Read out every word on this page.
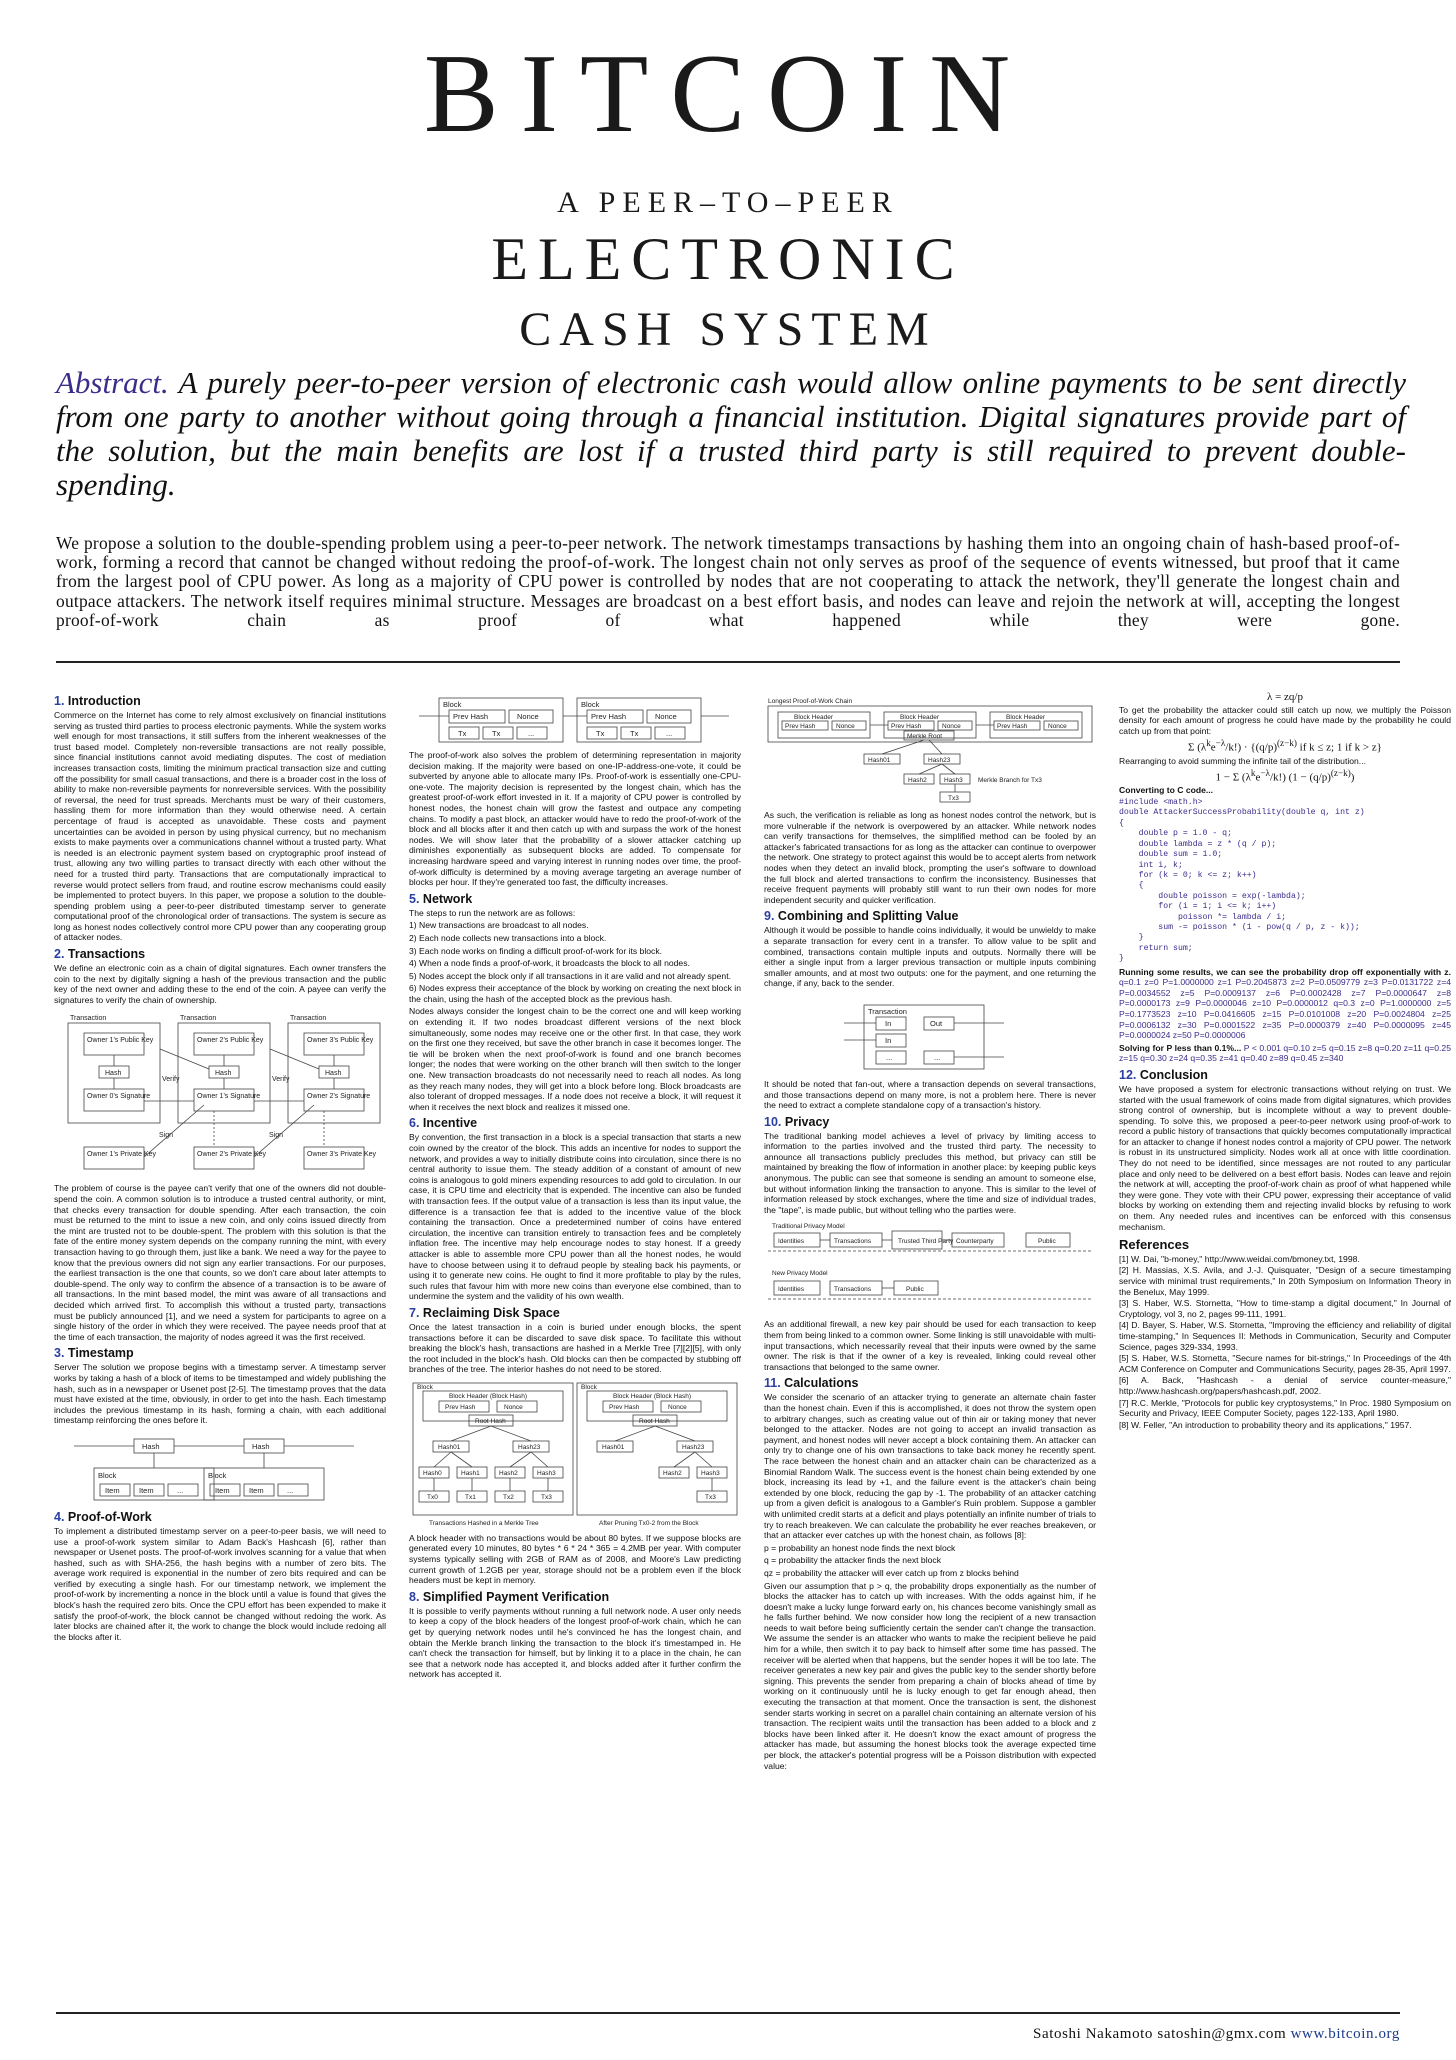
BITCOIN
A PEER–TO–PEER
ELECTRONIC
CASH SYSTEM
Abstract. A purely peer-to-peer version of electronic cash would allow online payments to be sent directly from one party to another without going through a financial institution. Digital signatures provide part of the solution, but the main benefits are lost if a trusted third party is still required to prevent double-spending.
We propose a solution to the double-spending problem using a peer-to-peer network. The network timestamps transactions by hashing them into an ongoing chain of hash-based proof-of-work, forming a record that cannot be changed without redoing the proof-of-work. The longest chain not only serves as proof of the sequence of events witnessed, but proof that it came from the largest pool of CPU power. As long as a majority of CPU power is controlled by nodes that are not cooperating to attack the network, they'll generate the longest chain and outpace attackers. The network itself requires minimal structure. Messages are broadcast on a best effort basis, and nodes can leave and rejoin the network at will, accepting the longest proof-of-work chain as proof of what happened while they were gone.
1. Introduction

Commerce on the Internet has come to rely almost exclusively on financial institutions serving as trusted third parties to process electronic payments. While the system works well enough for most transactions, it still suffers from the inherent weaknesses of the trust based model. Completely non-reversible transactions are not really possible, since financial institutions cannot avoid mediating disputes. The cost of mediation increases transaction costs, limiting the minimum practical transaction size and cutting off the possibility for small casual transactions, and there is a broader cost in the loss of ability to make non-reversible payments for nonreversible services. With the possibility of reversal, the need for trust spreads. Merchants must be wary of their customers, hassling them for more information than they would otherwise need. A certain percentage of fraud is accepted as unavoidable. These costs and payment uncertainties can be avoided in person by using physical currency, but no mechanism exists to make payments over a communications channel without a trusted party. What is needed is an electronic payment system based on cryptographic proof instead of trust, allowing any two willing parties to transact directly with each other without the need for a trusted third party. Transactions that are computationally impractical to reverse would protect sellers from fraud, and routine escrow mechanisms could easily be implemented to protect buyers. In this paper, we propose a solution to the double-spending problem using a peer-to-peer distributed timestamp server to generate computational proof of the chronological order of transactions. The system is secure as long as honest nodes collectively control more CPU power than any cooperating group of attacker nodes.

2. Transactions

We define an electronic coin as a chain of digital signatures. Each owner transfers the coin to the next by digitally signing a hash of the previous transaction and the public key of the next owner and adding these to the end of the coin. A payee can verify the signatures to verify the chain of ownership.

Transaction	Transaction	Transaction
Owner 1's Public Key	Owner 2's Public Key	Owner 3's Public Key
Hash	Hash	Hash
Owner 0's Signature	Owner 1's Signature	Owner 2's Signature
Owner 1's Private Key	Owner 2's Private Key	Owner 3's Private Key
Verify	Verify
Sign	Sign

The problem of course is the payee can't verify that one of the owners did not double-spend the coin. A common solution is to introduce a trusted central authority, or mint, that checks every transaction for double spending. After each transaction, the coin must be returned to the mint to issue a new coin, and only coins issued directly from the mint are trusted not to be double-spent. The problem with this solution is that the fate of the entire money system depends on the company running the mint, with every transaction having to go through them, just like a bank. We need a way for the payee to know that the previous owners did not sign any earlier transactions. For our purposes, the earliest transaction is the one that counts, so we don't care about later attempts to double-spend. The only way to confirm the absence of a transaction is to be aware of all transactions. In the mint based model, the mint was aware of all transactions and decided which arrived first. To accomplish this without a trusted party, transactions must be publicly announced [1], and we need a system for participants to agree on a single history of the order in which they were received. The payee needs proof that at the time of each transaction, the majority of nodes agreed it was the first received.

3. Timestamp

Server The solution we propose begins with a timestamp server. A timestamp server works by taking a hash of a block of items to be timestamped and widely publishing the hash, such as in a newspaper or Usenet post [2-5]. The timestamp proves that the data must have existed at the time, obviously, in order to get into the hash. Each timestamp includes the previous timestamp in its hash, forming a chain, with each additional timestamp reinforcing the ones before it.

Hash	Hash
Block	Block
Item	Item	...	Item	Item	...
4. Proof-of-Work

To implement a distributed timestamp server on a peer-to-peer basis, we will need to use a proof-of-work system similar to Adam Back's Hashcash [6], rather than newspaper or Usenet posts. The proof-of-work involves scanning for a value that when hashed, such as with SHA-256, the hash begins with a number of zero bits. The average work required is exponential in the number of zero bits required and can be verified by executing a single hash. For our timestamp network, we implement the proof-of-work by incrementing a nonce in the block until a value is found that gives the block's hash the required zero bits. Once the CPU effort has been expended to make it satisfy the proof-of-work, the block cannot be changed without redoing the work. As later blocks are chained after it, the work to change the block would include redoing all the blocks after it.

Block	Block
Prev Hash	Nonce	Prev Hash	Nonce
Tx	Tx	...	Tx	Tx	...

The proof-of-work also solves the problem of determining representation in majority decision making. If the majority were based on one-IP-address-one-vote, it could be subverted by anyone able to allocate many IPs. Proof-of-work is essentially one-CPU-one-vote. The majority decision is represented by the longest chain, which has the greatest proof-of-work effort invested in it. If a majority of CPU power is controlled by honest nodes, the honest chain will grow the fastest and outpace any competing chains. To modify a past block, an attacker would have to redo the proof-of-work of the block and all blocks after it and then catch up with and surpass the work of the honest nodes. We will show later that the probability of a slower attacker catching up diminishes exponentially as subsequent blocks are added. To compensate for increasing hardware speed and varying interest in running nodes over time, the proof-of-work difficulty is determined by a moving average targeting an average number of blocks per hour. If they're generated too fast, the difficulty increases.

5. Network

The steps to run the network are as follows:

1) New transactions are broadcast to all nodes.

2) Each node collects new transactions into a block.

3) Each node works on finding a difficult proof-of-work for its block.

4) When a node finds a proof-of-work, it broadcasts the block to all nodes.

5) Nodes accept the block only if all transactions in it are valid and not already spent.

6) Nodes express their acceptance of the block by working on creating the next block in the chain, using the hash of the accepted block as the previous hash.

Nodes always consider the longest chain to be the correct one and will keep working on extending it. If two nodes broadcast different versions of the next block simultaneously, some nodes may receive one or the other first. In that case, they work on the first one they received, but save the other branch in case it becomes longer. The tie will be broken when the next proof-of-work is found and one branch becomes longer; the nodes that were working on the other branch will then switch to the longer one. New transaction broadcasts do not necessarily need to reach all nodes. As long as they reach many nodes, they will get into a block before long. Block broadcasts are also tolerant of dropped messages. If a node does not receive a block, it will request it when it receives the next block and realizes it missed one.

6. Incentive

By convention, the first transaction in a block is a special transaction that starts a new coin owned by the creator of the block. This adds an incentive for nodes to support the network, and provides a way to initially distribute coins into circulation, since there is no central authority to issue them. The steady addition of a constant of amount of new coins is analogous to gold miners expending resources to add gold to circulation. In our case, it is CPU time and electricity that is expended. The incentive can also be funded with transaction fees. If the output value of a transaction is less than its input value, the difference is a transaction fee that is added to the incentive value of the block containing the transaction. Once a predetermined number of coins have entered circulation, the incentive can transition entirely to transaction fees and be completely inflation free. The incentive may help encourage nodes to stay honest. If a greedy attacker is able to assemble more CPU power than all the honest nodes, he would have to choose between using it to defraud people by stealing back his payments, or using it to generate new coins. He ought to find it more profitable to play by the rules, such rules that favour him with more new coins than everyone else combined, than to undermine the system and the validity of his own wealth.

7. Reclaiming Disk Space

Once the latest transaction in a coin is buried under enough blocks, the spent transactions before it can be discarded to save disk space. To facilitate this without breaking the block's hash, transactions are hashed in a Merkle Tree [7][2][5], with only the root included in the block's hash. Old blocks can then be compacted by stubbing off branches of the tree. The interior hashes do not need to be stored.

Block	Block
Block Header (Block Hash)	Block Header (Block Hash)
Prev Hash	Nonce	Prev Hash	Nonce
Root Hash	Root Hash
Hash01	Hash23	Hash01	Hash23
Hash0	Hash1	Hash2	Hash3	Hash2	Hash3
Tx0	Tx1	Tx2	Tx3	Tx3
Transactions Hashed in a Merkle Tree	After Pruning Tx0-2 from the Block

A block header with no transactions would be about 80 bytes. If we suppose blocks are generated every 10 minutes, 80 bytes * 6 * 24 * 365 = 4.2MB per year. With computer systems typically selling with 2GB of RAM as of 2008, and Moore's Law predicting current growth of 1.2GB per year, storage should not be a problem even if the block headers must be kept in memory.

8. Simplified Payment Verification

It is possible to verify payments without running a full network node. A user only needs to keep a copy of the block headers of the longest proof-of-work chain, which he can get by querying network nodes until he's convinced he has the longest chain, and obtain the Merkle branch linking the transaction to the block it's timestamped in. He can't check the transaction for himself, but by linking it to a place in the chain, he can see that a network node has accepted it, and blocks added after it further confirm the network has accepted it.

Longest Proof-of-Work Chain
Block Header	Block Header	Block Header
Prev Hash	Nonce	Prev Hash	Nonce	Prev Hash	Nonce
Merkle Root
Hash01	Hash23
Hash2	Hash3
Tx3
Merkle Branch for Tx3

As such, the verification is reliable as long as honest nodes control the network, but is more vulnerable if the network is overpowered by an attacker. While network nodes can verify transactions for themselves, the simplified method can be fooled by an attacker's fabricated transactions for as long as the attacker can continue to overpower the network. One strategy to protect against this would be to accept alerts from network nodes when they detect an invalid block, prompting the user's software to download the full block and alerted transactions to confirm the inconsistency. Businesses that receive frequent payments will probably still want to run their own nodes for more independent security and quicker verification.

9. Combining and Splitting Value

Although it would be possible to handle coins individually, it would be unwieldy to make a separate transaction for every cent in a transfer. To allow value to be split and combined, transactions contain multiple inputs and outputs. Normally there will be either a single input from a larger previous transaction or multiple inputs combining smaller amounts, and at most two outputs: one for the payment, and one returning the change, if any, back to the sender.

Transaction
In
In
...
Out
...

It should be noted that fan-out, where a transaction depends on several transactions, and those transactions depend on many more, is not a problem here. There is never the need to extract a complete standalone copy of a transaction's history.

10. Privacy

The traditional banking model achieves a level of privacy by limiting access to information to the parties involved and the trusted third party. The necessity to announce all transactions publicly precludes this method, but privacy can still be maintained by breaking the flow of information in another place: by keeping public keys anonymous. The public can see that someone is sending an amount to someone else, but without information linking the transaction to anyone. This is similar to the level of information released by stock exchanges, where the time and size of individual trades, the "tape", is made public, but without telling who the parties were.

Traditional Privacy Model
Identities	Transactions	Trusted Third Party Counterparty	Public
New Privacy Model
Identities	Transactions	Public

As an additional firewall, a new key pair should be used for each transaction to keep them from being linked to a common owner. Some linking is still unavoidable with multi-input transactions, which necessarily reveal that their inputs were owned by the same owner. The risk is that if the owner of a key is revealed, linking could reveal other transactions that belonged to the same owner.

11. Calculations

We consider the scenario of an attacker trying to generate an alternate chain faster than the honest chain. Even if this is accomplished, it does not throw the system open to arbitrary changes, such as creating value out of thin air or taking money that never belonged to the attacker. Nodes are not going to accept an invalid transaction as payment, and honest nodes will never accept a block containing them. An attacker can only try to change one of his own transactions to take back money he recently spent. The race between the honest chain and an attacker chain can be characterized as a Binomial Random Walk. The success event is the honest chain being extended by one block, increasing its lead by +1, and the failure event is the attacker's chain being extended by one block, reducing the gap by -1. The probability of an attacker catching up from a given deficit is analogous to a Gambler's Ruin problem. Suppose a gambler with unlimited credit starts at a deficit and plays potentially an infinite number of trials to try to reach breakeven. We can calculate the probability he ever reaches breakeven, or that an attacker ever catches up with the honest chain, as follows [8]:

p = probability an honest node finds the next block

q = probability the attacker finds the next block

qz = probability the attacker will ever catch up from z blocks behind

Given our assumption that p > q, the probability drops exponentially as the number of blocks the attacker has to catch up with increases. With the odds against him, if he doesn't make a lucky lunge forward early on, his chances become vanishingly small as he falls further behind. We now consider how long the recipient of a new transaction needs to wait before being sufficiently certain the sender can't change the transaction. We assume the sender is an attacker who wants to make the recipient believe he paid him for a while, then switch it to pay back to himself after some time has passed. The receiver will be alerted when that happens, but the sender hopes it will be too late. The receiver generates a new key pair and gives the public key to the sender shortly before signing. This prevents the sender from preparing a chain of blocks ahead of time by working on it continuously until he is lucky enough to get far enough ahead, then executing the transaction at that moment. Once the transaction is sent, the dishonest sender starts working in secret on a parallel chain containing an alternate version of his transaction. The recipient waits until the transaction has been added to a block and z blocks have been linked after it. He doesn't know the exact amount of progress the attacker has made, but assuming the honest blocks took the average expected time per block, the attacker's potential progress will be a Poisson distribution with expected value:

λ = zq/p

To get the probability the attacker could still catch up now, we multiply the Poisson density for each amount of progress he could have made by the probability he could catch up from that point:

Σ $(\lambda^ke^{-\lambda}/k!) \cdot \{(q/p)^{(z-k)}$ if k ≤ z; 1 if k > z}

Rearranging to avoid summing the infinite tail of the distribution...

1 − Σ $(\lambda^ke^{-\lambda}/k!) (1 - (q/p)^{(z-k)})$

Converting to C code...

#include <math.h>
double AttackerSuccessProbability(double q, int z)
{
double p = 1.0 - q;
double lambda = z * (q / p);
double sum = 1.0;
int i, k;
for (k = 0; k <= z; k++)
{
double poisson = exp(-lambda);
for (i = 1; i <= k; i++)
poisson *= lambda / i;
sum -= poisson * (1 - pow(q / p, z - k));
}
return sum;
}

Running some results, we can see the probability drop off exponentially with z. q=0.1 z=0 P=1.0000000 z=1 P=0.2045873 z=2 P=0.0509779 z=3 P=0.0131722 z=4 P=0.0034552 z=5 P=0.0009137 z=6 P=0.0002428 z=7 P=0.0000647 z=8 P=0.0000173 z=9 P=0.0000046 z=10 P=0.0000012 q=0.3 z=0 P=1.0000000 z=5 P=0.1773523 z=10 P=0.0416605 z=15 P=0.0101008 z=20 P=0.0024804 z=25 P=0.0006132 z=30 P=0.0001522 z=35 P=0.0000379 z=40 P=0.0000095 z=45 P=0.0000024 z=50 P=0.0000006

Solving for P less than 0.1%... P < 0.001 q=0.10 z=5 q=0.15 z=8 q=0.20 z=11 q=0.25 z=15 q=0.30 z=24 q=0.35 z=41 q=0.40 z=89 q=0.45 z=340

12. Conclusion

We have proposed a system for electronic transactions without relying on trust. We started with the usual framework of coins made from digital signatures, which provides strong control of ownership, but is incomplete without a way to prevent double-spending. To solve this, we proposed a peer-to-peer network using proof-of-work to record a public history of transactions that quickly becomes computationally impractical for an attacker to change if honest nodes control a majority of CPU power. The network is robust in its unstructured simplicity. Nodes work all at once with little coordination. They do not need to be identified, since messages are not routed to any particular place and only need to be delivered on a best effort basis. Nodes can leave and rejoin the network at will, accepting the proof-of-work chain as proof of what happened while they were gone. They vote with their CPU power, expressing their acceptance of valid blocks by working on extending them and rejecting invalid blocks by refusing to work on them. Any needed rules and incentives can be enforced with this consensus mechanism.

References

[1] W. Dai, "b-money," http://www.weidai.com/bmoney.txt, 1998.

[2] H. Massias, X.S. Avila, and J.-J. Quisquater, "Design of a secure timestamping service with minimal trust requirements," In 20th Symposium on Information Theory in the Benelux, May 1999.

[3] S. Haber, W.S. Stornetta, "How to time-stamp a digital document," In Journal of Cryptology, vol 3, no 2, pages 99-111, 1991.

[4] D. Bayer, S. Haber, W.S. Stornetta, "Improving the efficiency and reliability of digital time-stamping," In Sequences II: Methods in Communication, Security and Computer Science, pages 329-334, 1993.

[5] S. Haber, W.S. Stornetta, "Secure names for bit-strings," In Proceedings of the 4th ACM Conference on Computer and Communications Security, pages 28-35, April 1997.

[6] A. Back, "Hashcash - a denial of service counter-measure," http://www.hashcash.org/papers/hashcash.pdf, 2002.

[7] R.C. Merkle, "Protocols for public key cryptosystems," In Proc. 1980 Symposium on Security and Privacy, IEEE Computer Society, pages 122-133, April 1980.

[8] W. Feller, "An introduction to probability theory and its applications," 1957.

Satoshi Nakamoto satoshin@gmx.com www.bitcoin.org
